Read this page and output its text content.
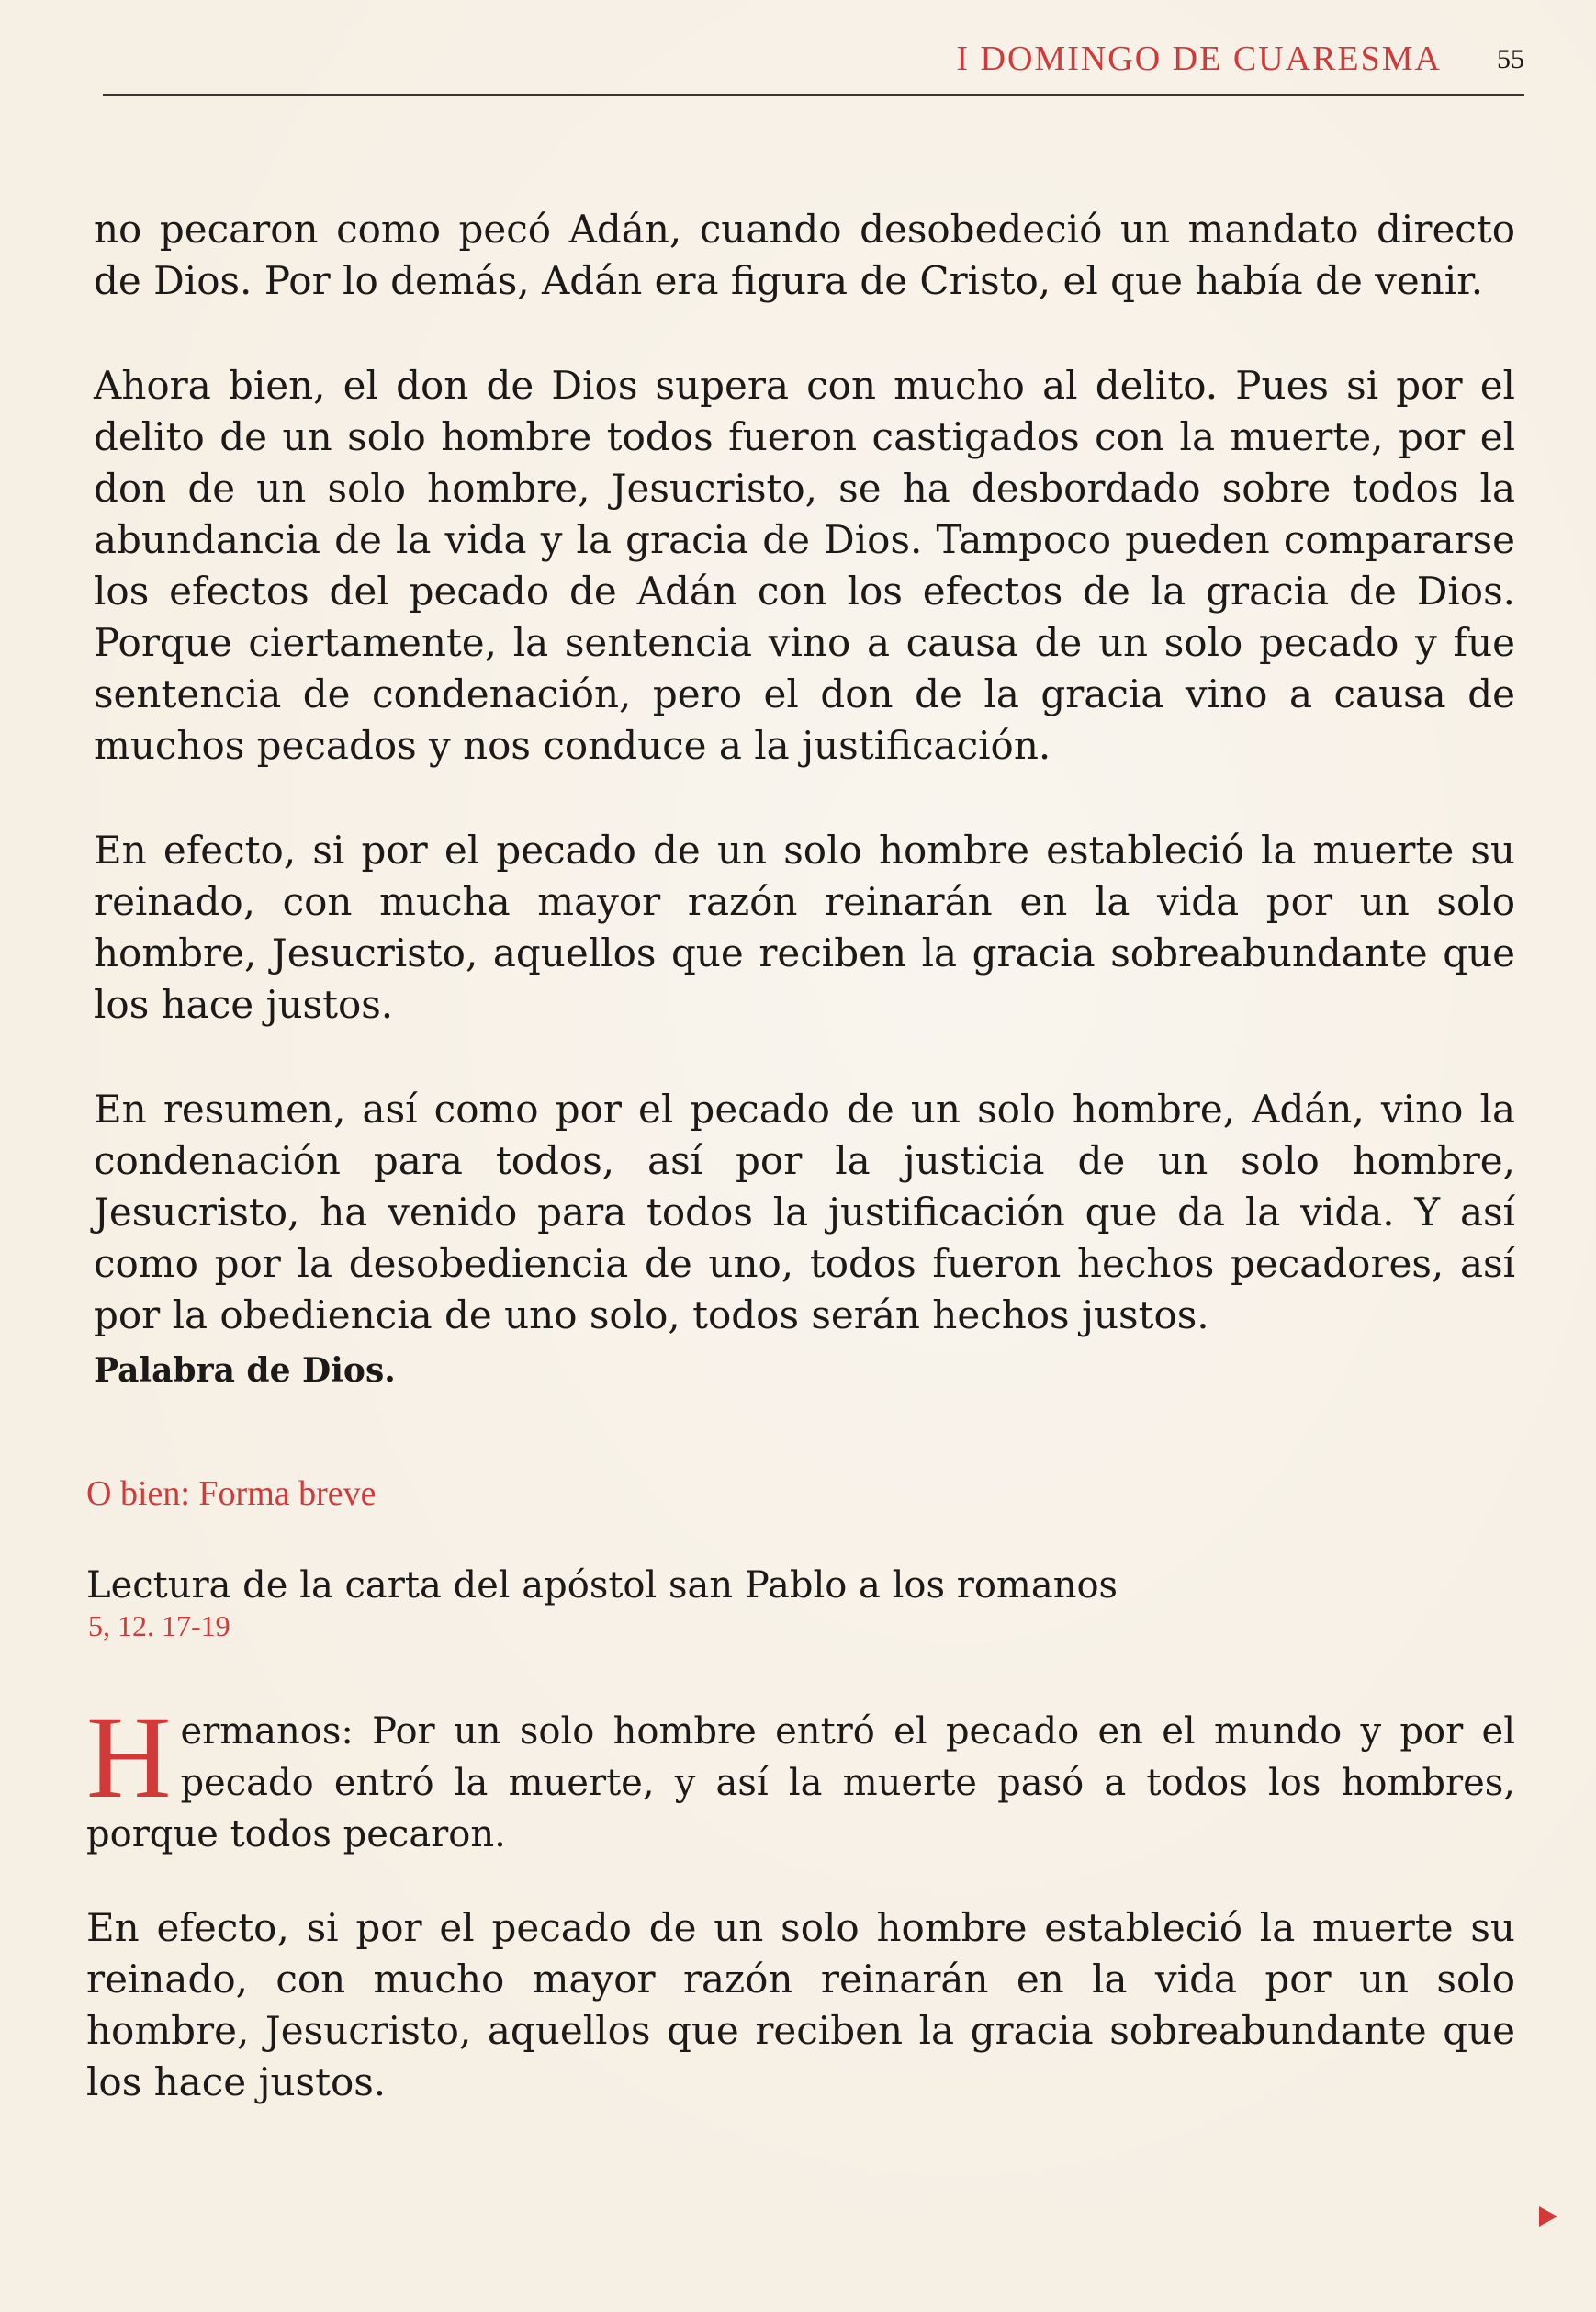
I DOMINGO DE CUARESMA 55

no pecaron como pecó Adán, cuando desobedeció un mandato directo de Dios. Por lo demás, Adán era figura de Cristo, el que había de venir.

Ahora bien, el don de Dios supera con mucho al delito. Pues si por el delito de un solo hombre todos fueron castigados con la muerte, por el don de un solo hombre, Jesucristo, se ha desbordado sobre todos la abundancia de la vida y la gracia de Dios. Tampoco pueden compararse los efectos del pecado de Adán con los efectos de la gracia de Dios. Porque ciertamente, la sentencia vino a causa de un solo pecado y fue sentencia de condenación, pero el don de la gracia vino a causa de muchos pecados y nos conduce a la justificación.

En efecto, si por el pecado de un solo hombre estableció la muerte su reinado, con mucha mayor razón reinarán en la vida por un solo hombre, Jesucristo, aquellos que reciben la gracia sobreabundante que los hace justos.

En resumen, así como por el pecado de un solo hombre, Adán, vino la condenación para todos, así por la justicia de un solo hombre, Jesucristo, ha venido para todos la justificación que da la vida. Y así como por la desobediencia de uno, todos fueron hechos pecadores, así por la obediencia de uno solo, todos serán hechos justos.

Palabra de Dios.

O bien: Forma breve
Lectura de la carta del apóstol san Pablo a los romanos
5, 12. 17-19

H ermanos: Por un solo hombre entró el pecado en el mundo y por el pecado entró la muerte, y así la muerte pasó a todos los hombres, porque todos pecaron.

En efecto, si por el pecado de un solo hombre estableció la muerte su reinado, con mucho mayor razón reinarán en la vida por un solo hombre, Jesucristo, aquellos que reciben la gracia sobreabundante que los hace justos.
